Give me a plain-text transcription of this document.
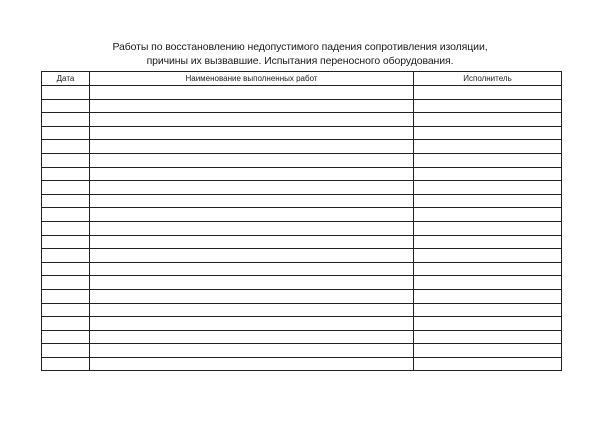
Работы по восстановлению недопустимого падения сопротивления изоляции,
причины их вызвавшие. Испытания переносного оборудования.
Дата	Наименование выполненных работ	Исполнитель
